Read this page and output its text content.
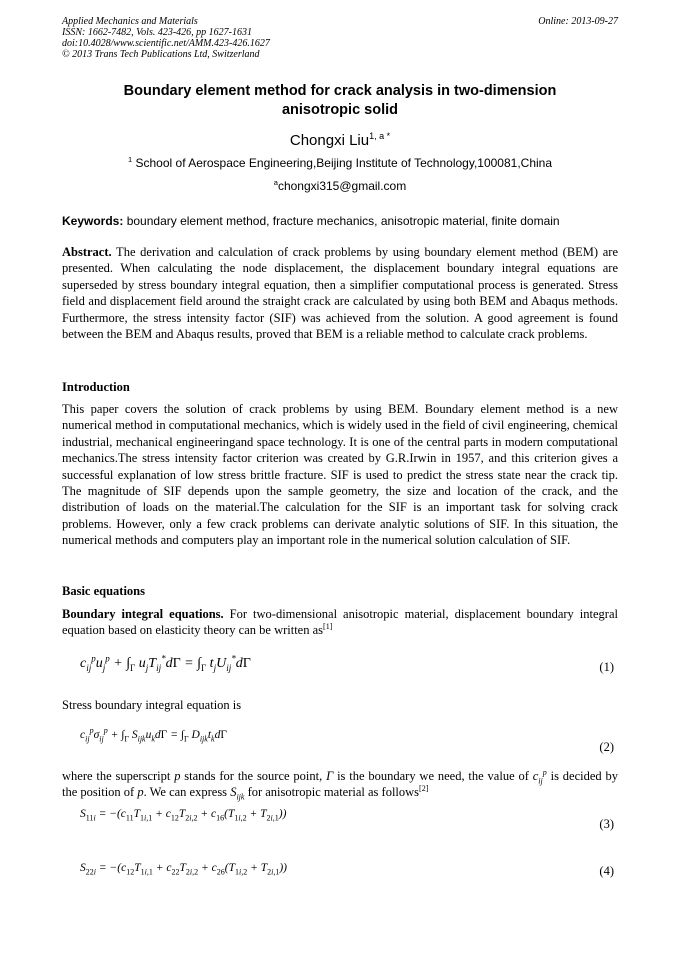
Applied Mechanics and Materials
ISSN: 1662-7482, Vols. 423-426, pp 1627-1631
doi:10.4028/www.scientific.net/AMM.423-426.1627
© 2013 Trans Tech Publications Ltd, Switzerland
Online: 2013-09-27
Boundary element method for crack analysis in two-dimension
anisotropic solid
Chongxi Liu$^{1, a *}$
$^1$ School of Aerospace Engineering,Beijing Institute of Technology,100081,China
$^a$chongxi315@gmail.com
Keywords: boundary element method, fracture mechanics, anisotropic material, finite domain
Abstract. The derivation and calculation of crack problems by using boundary element method (BEM) are presented. When calculating the node displacement, the displacement boundary integral equations are superseded by stress boundary integral equation, then a simplifier computational process is generated. Stress field and displacement field around the straight crack are calculated by using both BEM and Abaqus methods. Furthermore, the stress intensity factor (SIF) was achieved from the solution. A good agreement is found between the BEM and Abaqus results, proved that BEM is a reliable method to calculate crack problems.
Introduction
This paper covers the solution of crack problems by using BEM. Boundary element method is a new numerical method in computational mechanics, which is widely used in the field of civil engineering, chemical industrial, mechanical engineeringand space technology. It is one of the central parts in modern computational mechanics.The stress intensity factor criterion was created by G.R.Irwin in 1957, and this criterion gives a successful explanation of low stress brittle fracture. SIF is used to predict the stress state near the crack tip. The magnitude of SIF depends upon the sample geometry, the size and location of the crack, and the distribution of loads on the material.The calculation for the SIF is an important task for solving crack problems. However, only a few crack problems can derivate analytic solutions of SIF. In this situation, the numerical methods and computers play an important role in the numerical solution calculation of SIF.
Basic equations
Boundary integral equations. For two-dimensional anisotropic material, displacement boundary integral equation based on elasticity theory can be written as[1]
$c_{ij}^pu_j^p + \int_\Gamma$ $u_jT_{ij}^*d\Gamma = \int_\Gamma$ $t_jU_{ij}^*d\Gamma$	(1)
Stress boundary integral equation is
$c_{ij}^p\sigma_{ij}^p + \int_\Gamma$ $S_{ijk}u_kd\Gamma = \int_\Gamma$ $D_{ijk}t_kd\Gamma$
(2)
where the superscript p stands for the source point, Γ is the boundary we need, the value of $c_{ij}^p$ is decided by the position of p. We can express $S_{ijk}$ for anisotropic material as follows[2]
$S_{11i} = -(c_{11}T_{1i,1} + c_{12}T_{2i,2} + c_{16}(T_{1i,2} + T_{2i,1}))$
(3)
$S_{22i} = -(c_{12}T_{1i,1} + c_{22}T_{2i,2} + c_{26}(T_{1i,2} + T_{2i,1}))$	(4)
